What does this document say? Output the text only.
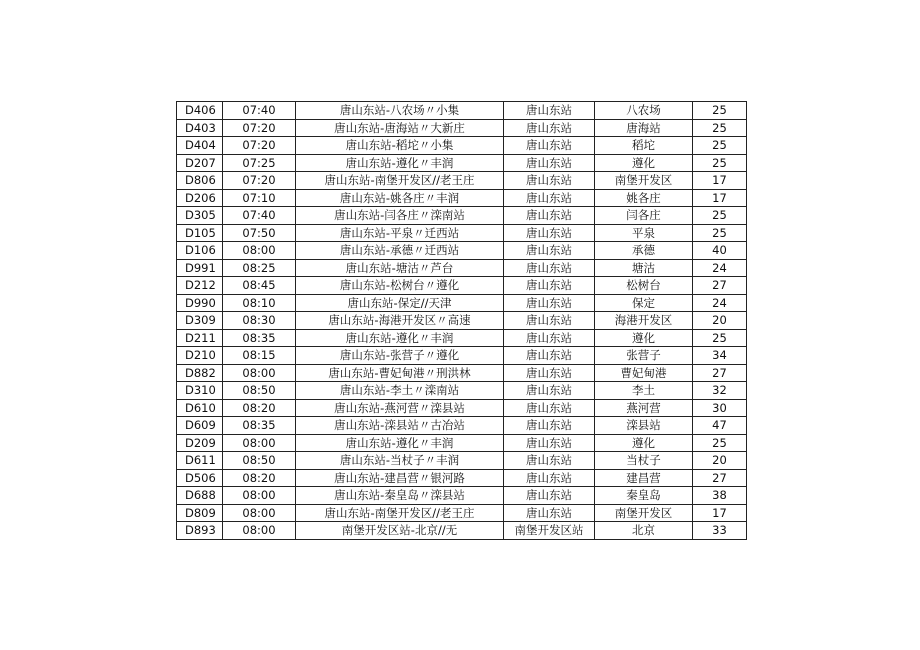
D406	07:40	唐山东站-八农场〃小集	唐山东站	八农场	25
D403	07:20	唐山东站-唐海站〃大新庄	唐山东站	唐海站	25
D404	07:20	唐山东站-稻坨〃小集	唐山东站	稻坨	25
D207	07:25	唐山东站-遵化〃丰润	唐山东站	遵化	25
D806	07:20	唐山东站-南堡开发区//老王庄	唐山东站	南堡开发区	17
D206	07:10	唐山东站-姚各庄〃丰润	唐山东站	姚各庄	17
D305	07:40	唐山东站-闫各庄〃滦南站	唐山东站	闫各庄	25
D105	07:50	唐山东站-平泉〃迁西站	唐山东站	平泉	25
D106	08:00	唐山东站-承德〃迁西站	唐山东站	承德	40
D991	08:25	唐山东站-塘沽〃芦台	唐山东站	塘沽	24
D212	08:45	唐山东站-松树台〃遵化	唐山东站	松树台	27
D990	08:10	唐山东站-保定//天津	唐山东站	保定	24
D309	08:30	唐山东站-海港开发区〃高速	唐山东站	海港开发区	20
D211	08:35	唐山东站-遵化〃丰润	唐山东站	遵化	25
D210	08:15	唐山东站-张营子〃遵化	唐山东站	张营子	34
D882	08:00	唐山东站-曹妃甸港〃刑洪林	唐山东站	曹妃甸港	27
D310	08:50	唐山东站-李土〃滦南站	唐山东站	李土	32
D610	08:20	唐山东站-燕河营〃滦县站	唐山东站	燕河营	30
D609	08:35	唐山东站-滦县站〃古冶站	唐山东站	滦县站	47
D209	08:00	唐山东站-遵化〃丰润	唐山东站	遵化	25
D611	08:50	唐山东站-当杖子〃丰润	唐山东站	当杖子	20
D506	08:20	唐山东站-建昌营〃银河路	唐山东站	建昌营	27
D688	08:00	唐山东站-秦皇岛〃滦县站	唐山东站	秦皇岛	38
D809	08:00	唐山东站-南堡开发区//老王庄	唐山东站	南堡开发区	17
D893	08:00	南堡开发区站-北京//无	南堡开发区站	北京	33
